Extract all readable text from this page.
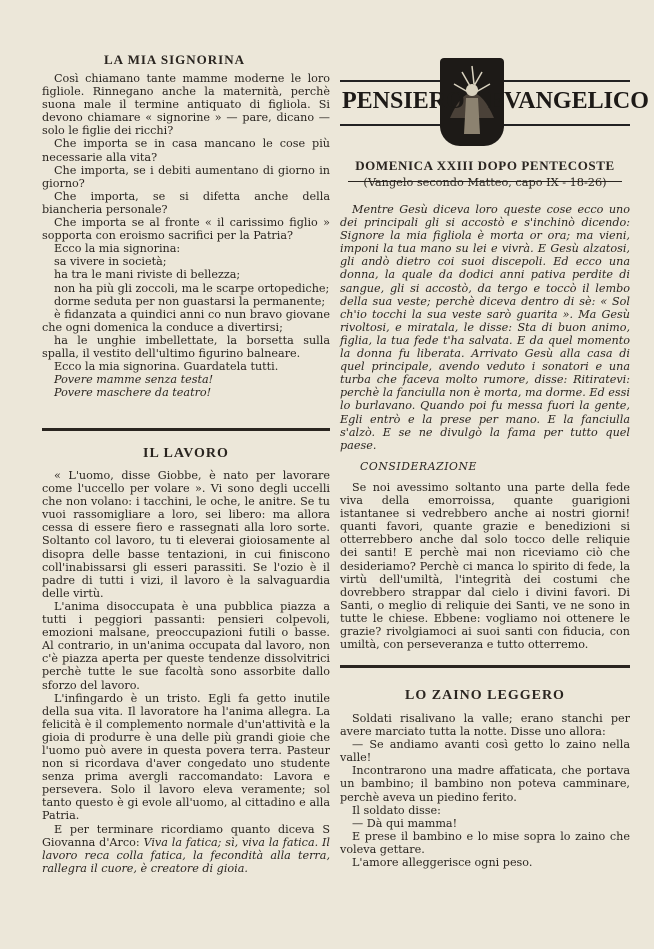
LA MIA SIGNORINA

Così chiamano tante mamme moderne le loro figliole. Rinnegano anche la maternità, perchè suona male il termine antiquato di figliola. Si devono chiamare « signorine » — pare, dicano — solo le figlie dei ricchi?

Che importa se in casa mancano le cose più necessarie alla vita?

Che importa, se i debiti aumentano di giorno in giorno?

Che importa, se si difetta anche della biancheria personale?

Che importa se al fronte « il carissimo figlio » sopporta con eroismo sacrifici per la Patria?

Ecco la mia signorina:

sa vivere in società;

ha tra le mani riviste di bellezza;

non ha più gli zoccoli, ma le scarpe ortopediche;

dorme seduta per non guastarsi la permanente;

è fidanzata a quindici anni co nun bravo giovane che ogni domenica la conduce a divertirsi;

ha le unghie imbellettate, la borsetta sulla spalla, il vestito dell'ultimo figurino balneare.

Ecco la mia signorina. Guardatela tutti.

Povere mamme senza testa!

Povere maschere da teatro!

IL LAVORO

« L'uomo, disse Giobbe, è nato per lavorare come l'uccello per volare ». Vi sono degli uccelli che non volano: i tacchini, le oche, le anitre. Se tu vuoi rassomigliare a loro, sei libero: ma allora cessa di essere fiero e rassegnati alla loro sorte. Soltanto col lavoro, tu ti eleverai gioiosamente al disopra delle basse tentazioni, in cui finiscono coll'inabissarsi gli esseri parassiti. Se l'ozio è il padre di tutti i vizi, il lavoro è la salvaguardia delle virtù.

L'anima disoccupata è una pubblica piazza a tutti i peggiori passanti: pensieri colpevoli, emozioni malsane, preoccupazioni futili o basse. Al contrario, in un'anima occupata dal lavoro, non c'è piazza aperta per queste tendenze dissolvitrici perchè tutte le sue facoltà sono assorbite dallo sforzo del lavoro.

L'infingardo è un tristo. Egli fa getto inutile della sua vita. Il lavoratore ha l'anima allegra. La felicità è il complemento normale d'un'attività e la gioia di produrre è una delle più grandi gioie che l'uomo può avere in questa povera terra. Pasteur non si ricordava d'aver congedato uno studente senza prima avergli raccomandato: Lavora e persevera. Solo il lavoro eleva veramente; sol tanto questo è gi evole all'uomo, al cittadino e alla Patria.

E per terminare ricordiamo quanto diceva S Giovanna d'Arco: Viva la fatica; sì, viva la fatica. Il lavoro reca colla fatica, la fecondità alla terra, rallegra il cuore, è creatore di gioia.

PENSIERO EVANGELICO
DOMENICA XXIII DOPO PENTECOSTE
(Vangelo secondo Matteo, capo IX - 18-26)

Mentre Gesù diceva loro queste cose ecco uno dei principali gli si accostò e s'inchinò dicendo: Signore la mia figliola è morta or ora; ma vieni, imponi la tua mano su lei e vivrà. E Gesù alzatosi, gli andò dietro coi suoi discepoli. Ed ecco una donna, la quale da dodici anni pativa perdite di sangue, gli si accostò, da tergo e toccò il lembo della sua veste; perchè diceva dentro di sè: « Sol ch'io tocchi la sua veste sarò guarita ». Ma Gesù rivoltosi, e miratala, le disse: Sta di buon animo, figlia, la tua fede t'ha salvata. E da quel momento la donna fu liberata. Arrivato Gesù alla casa di quel principale, avendo veduto i sonatori e una turba che faceva molto rumore, disse: Ritiratevi: perchè la fanciulla non è morta, ma dorme. Ed essi lo burlavano. Quando poi fu messa fuori la gente, Egli entrò e la prese per mano. E la fanciulla s'alzò. E se ne divulgò la fama per tutto quel paese.

CONSIDERAZIONE

Se noi avessimo soltanto una parte della fede viva della emorroissa, quante guarigioni istantanee si vedrebbero anche ai nostri giorni! quanti favori, quante grazie e benedizioni si otterrebbero anche dal solo tocco delle reliquie dei santi! E perchè mai non riceviamo ciò che desideriamo? Perchè ci manca lo spirito di fede, la virtù dell'umiltà, l'integrità dei costumi che dovrebbero strappar dal cielo i divini favori. Di Santi, o meglio di reliquie dei Santi, ve ne sono in tutte le chiese. Ebbene: vogliamo noi ottenere le grazie? rivolgiamoci ai suoi santi con fiducia, con umiltà, con perseveranza e tutto otterremo.

LO ZAINO LEGGERO

Soldati risalivano la valle; erano stanchi per avere marciato tutta la notte. Disse uno allora:

— Se andiamo avanti così getto lo zaino nella valle!

Incontrarono una madre affaticata, che portava un bambino; il bambino non poteva camminare, perchè aveva un piedino ferito.

Il soldato disse:

— Dà qui mamma!

E prese il bambino e lo mise sopra lo zaino che voleva gettare.

L'amore alleggerisce ogni peso.
